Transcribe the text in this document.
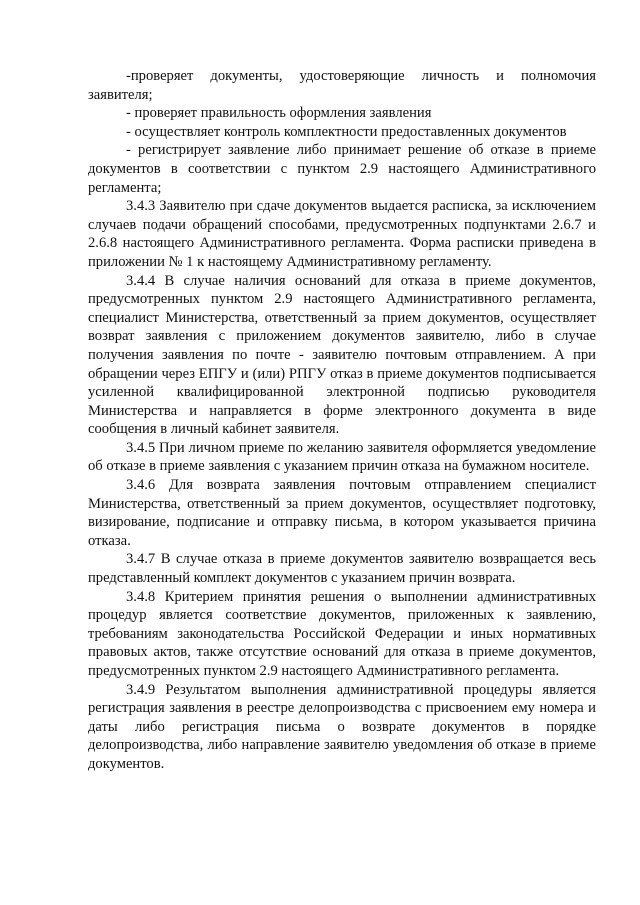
-проверяет документы, удостоверяющие личность и полномочия заявителя;

- проверяет правильность оформления заявления

- осуществляет контроль комплектности предоставленных документов

- регистрирует заявление либо принимает решение об отказе в приеме документов в соответствии с пунктом 2.9 настоящего Административного регламента;

3.4.3 Заявителю при сдаче документов выдается расписка, за исключением случаев подачи обращений способами, предусмотренных подпунктами 2.6.7 и 2.6.8 настоящего Административного регламента. Форма расписки приведена в приложении № 1 к настоящему Административному регламенту.

3.4.4 В случае наличия оснований для отказа в приеме документов, предусмотренных пунктом 2.9 настоящего Административного регламента, специалист Министерства, ответственный за прием документов, осуществляет возврат заявления с приложением документов заявителю, либо в случае получения заявления по почте - заявителю почтовым отправлением. А при обращении через ЕПГУ и (или) РПГУ отказ в приеме документов подписывается усиленной квалифицированной электронной подписью руководителя Министерства и направляется в форме электронного документа в виде сообщения в личный кабинет заявителя.

3.4.5 При личном приеме по желанию заявителя оформляется уведомление об отказе в приеме заявления с указанием причин отказа на бумажном носителе.

3.4.6 Для возврата заявления почтовым отправлением специалист Министерства, ответственный за прием документов, осуществляет подготовку, визирование, подписание и отправку письма, в котором указывается причина отказа.

3.4.7 В случае отказа в приеме документов заявителю возвращается весь представленный комплект документов с указанием причин возврата.

3.4.8 Критерием принятия решения о выполнении административных процедур является соответствие документов, приложенных к заявлению, требованиям законодательства Российской Федерации и иных нормативных правовых актов, также отсутствие оснований для отказа в приеме документов, предусмотренных пунктом 2.9 настоящего Административного регламента.

3.4.9 Результатом выполнения административной процедуры является регистрация заявления в реестре делопроизводства с присвоением ему номера и даты либо регистрация письма о возврате документов в порядке делопроизводства, либо направление заявителю уведомления об отказе в приеме документов.
